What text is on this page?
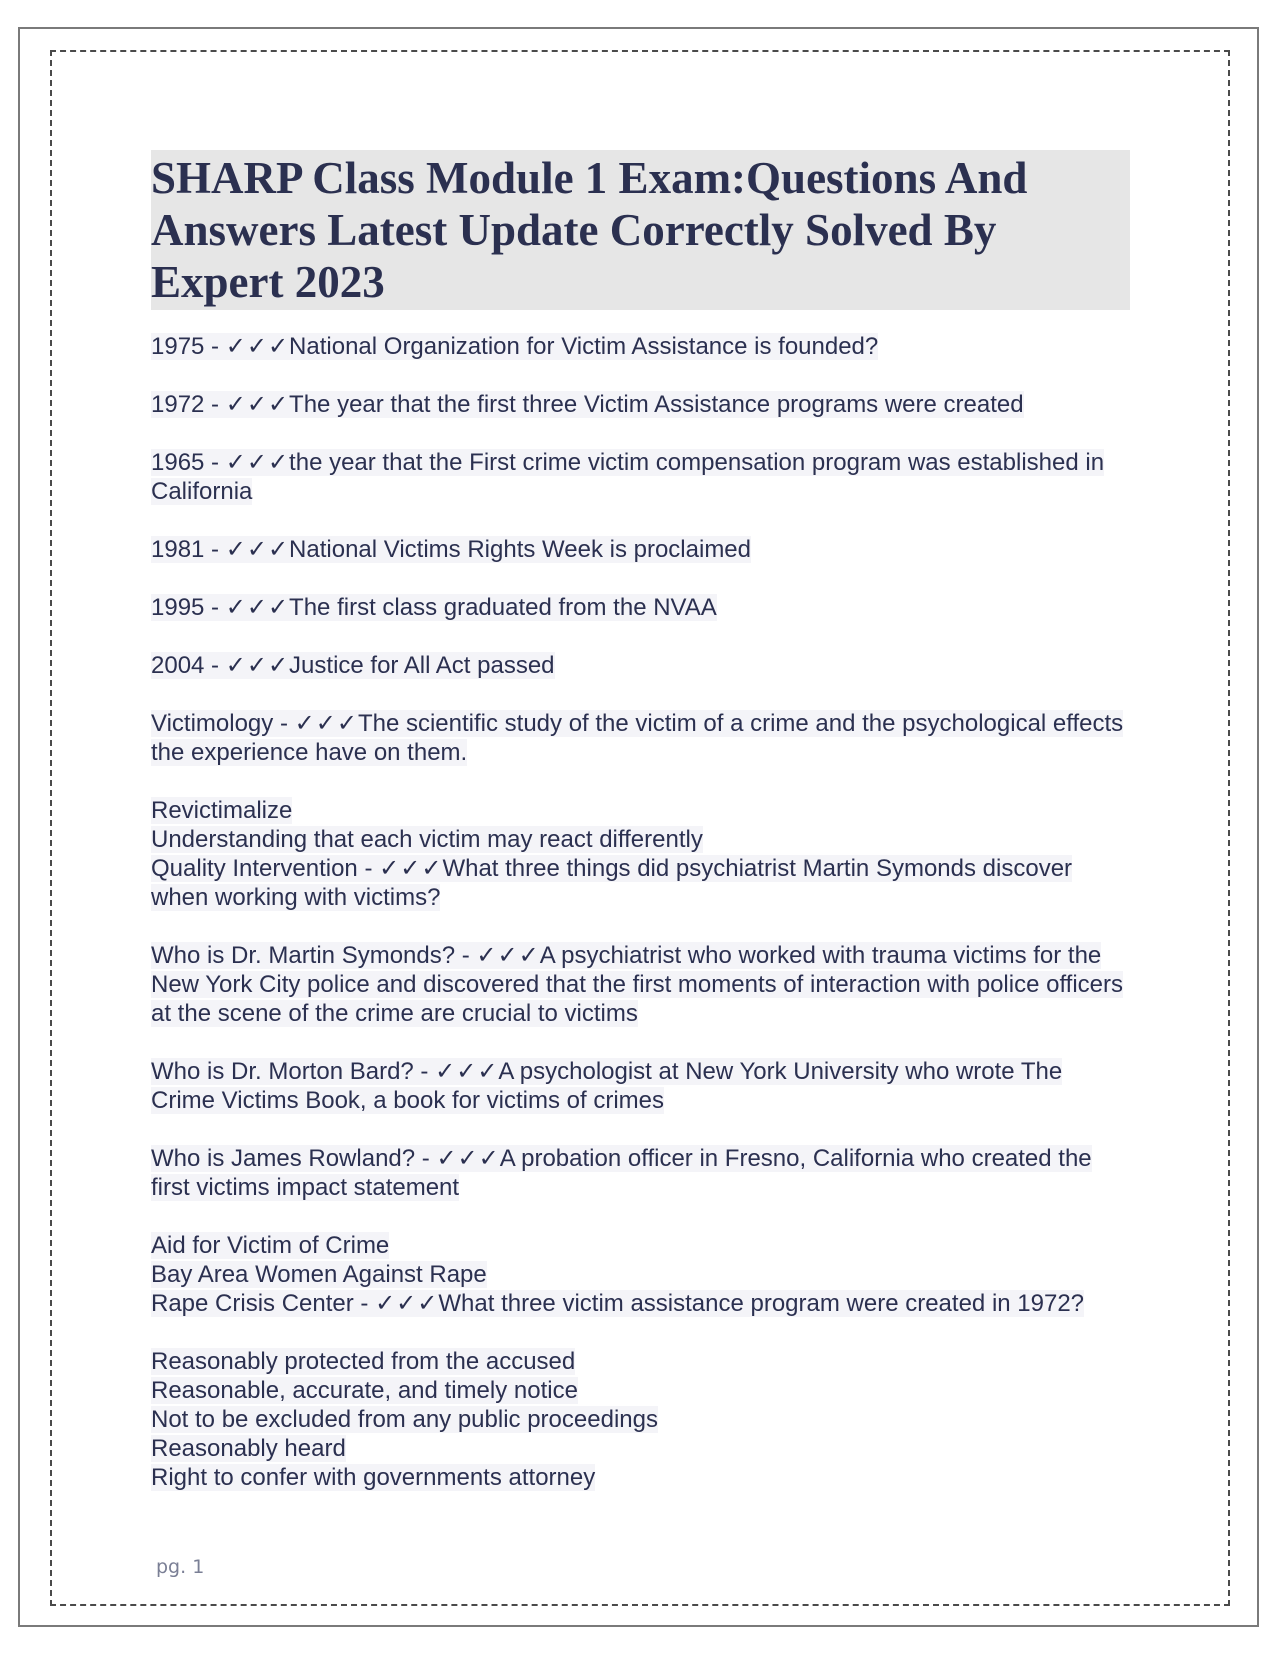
SHARP Class Module 1 Exam:Questions And Answers Latest Update Correctly Solved By Expert 2023
1975 - ✓✓✓National Organization for Victim Assistance is founded?
1972 - ✓✓✓The year that the first three Victim Assistance programs were created
1965 - ✓✓✓the year that the First crime victim compensation program was established in California
1981 - ✓✓✓National Victims Rights Week is proclaimed
1995 - ✓✓✓The first class graduated from the NVAA
2004 - ✓✓✓Justice for All Act passed
Victimology - ✓✓✓The scientific study of the victim of a crime and the psychological effects the experience have on them.
Revictimalize
Understanding that each victim may react differently
Quality Intervention - ✓✓✓What three things did psychiatrist Martin Symonds discover when working with victims?
Who is Dr. Martin Symonds? - ✓✓✓A psychiatrist who worked with trauma victims for the New York City police and discovered that the first moments of interaction with police officers at the scene of the crime are crucial to victims
Who is Dr. Morton Bard? - ✓✓✓A psychologist at New York University who wrote The Crime Victims Book, a book for victims of crimes
Who is James Rowland? - ✓✓✓A probation officer in Fresno, California who created the first victims impact statement
Aid for Victim of Crime
Bay Area Women Against Rape
Rape Crisis Center - ✓✓✓What three victim assistance program were created in 1972?
Reasonably protected from the accused
Reasonable, accurate, and timely notice
Not to be excluded from any public proceedings
Reasonably heard
Right to confer with governments attorney
pg. 1
